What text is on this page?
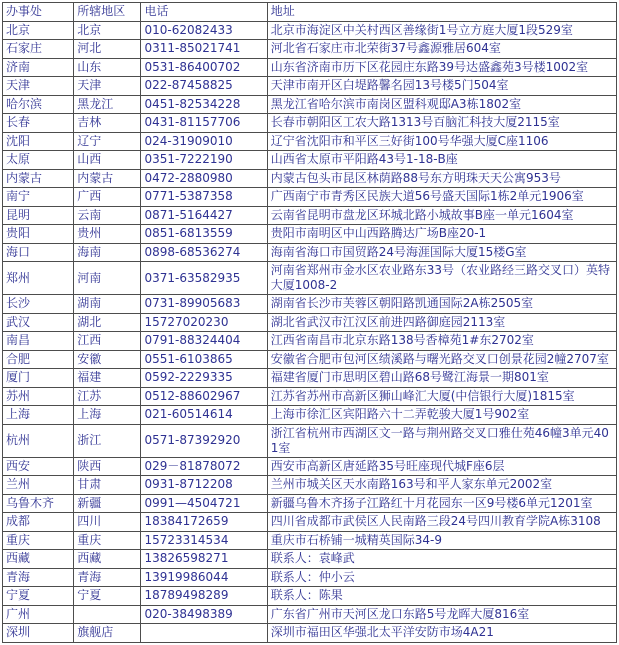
办事处	所辖地区	电话	地址
北京	北京	010-62082433	北京市海淀区中关村西区善缘街1号立方庭大厦1段529室
石家庄	河北	0311-85021741	河北省石家庄市北荣街37号鑫源雅居604室
济南	山东	0531-86400702	山东省济南市历下区花园庄东路39号达盛鑫苑3号楼1002室
天津	天津	022-87458825	天津市南开区白堤路馨名园13号楼5门504室
哈尔滨	黑龙江	0451-82534228	黑龙江省哈尔滨市南岗区盟科观邸A3栋1802室
长春	吉林	0431-81157706	长春市朝阳区工农大路1313号百脑汇科技大厦2115室
沈阳	辽宁	024-31909010	辽宁省沈阳市和平区三好街100号华强大厦C座1106
太原	山西	0351-7222190	山西省太原市平阳路43号1-18-B座
内蒙古	内蒙古	0472-2880980	内蒙古包头市昆区林荫路88号东方明珠天天公寓953号
南宁	广西	0771-5387358	广西南宁市青秀区民族大道56号盛天国际1栋2单元1906室
昆明	云南	0871-5164427	云南省昆明市盘龙区环城北路小城故事B座一单元1604室
贵阳	贵州	0851-6813559	贵阳市南明区中山西路腾达广场B座20-1
海口	海南	0898-68536274	海南省海口市国贸路24号海涯国际大厦15楼G室
郑州	河南	0371-63582935	河南省郑州市金水区农业路东33号（农业路经三路交叉口）英特大厦1008-2
长沙	湖南	0731-89905683	湖南省长沙市芙蓉区朝阳路凯通国际2A栋2505室
武汉	湖北	15727020230	湖北省武汉市江汉区前进四路御庭园2113室
南昌	江西	0791-88324404	江西省南昌市北京东路138号香樟苑1#东2702室
合肥	安徽	0551-6103865	安徽省合肥市包河区绩溪路与曙光路交叉口创景花园2幢2707室
厦门	福建	0592-2229335	福建省厦门市思明区碧山路68号鹭江海景一期801室
苏州	江苏	0512-88602967	江苏省苏州市高新区狮山峰汇大厦(中信银行大厦)1815室
上海	上海	021-60514614	上海市徐汇区宾阳路六十二弄乾骏大厦1号902室
杭州	浙江	0571-87392920	浙江省杭州市西湖区文一路与荆州路交叉口雅仕苑46幢3单元401室
西安	陕西	029－81878072	西安市高新区唐延路35号旺座现代城F座6层
兰州	甘肃	0931-8712208	兰州市城关区天水南路163号和平人家东单元2002室
乌鲁木齐	新疆	0991—4504721	新疆乌鲁木齐扬子江路红十月花园东一区9号楼6单元1201室
成都	四川	18384172659	四川省成都市武侯区人民南路三段24号四川教育学院A栋3108
重庆	重庆	15723314534	重庆市石桥铺一城精英国际34-9
西藏	西藏	13826598271	联系人：袁峰武
青海	青海	13919986044	联系人：仲小云
宁夏	宁夏	18789498289	联系人：陈果
广州		020-38498389	广东省广州市天河区龙口东路5号龙晖大厦816室
深圳	旗舰店		深圳市福田区华强北太平洋安防市场4A21
